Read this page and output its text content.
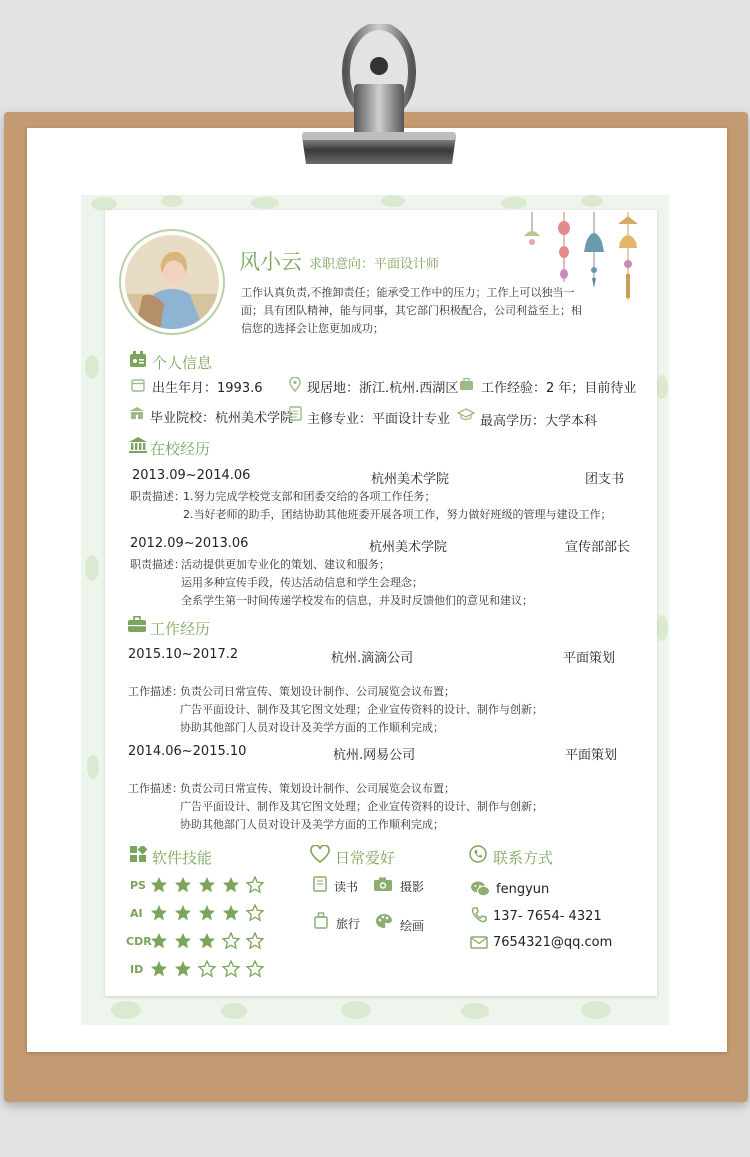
风小云 求职意向：平面设计师
工作认真负责,不推卸责任；能承受工作中的压力；工作上可以独当一
面；具有团队精神，能与同事，其它部门积极配合，公司利益至上；相
信您的选择会让您更加成功；
个人信息
出生年月：1993.6	现居地：浙江.杭州.西湖区 工作经验：2 年；目前待业
毕业院校：杭州美术学院 主修专业：平面设计专业 最高学历：大学本科
在校经历
2013.09~2014.06	杭州美术学院	团支书
职责描述：
1.努力完成学校党支部和团委交给的各项工作任务；
2.当好老师的助手，团结协助其他班委开展各项工作，努力做好班级的管理与建设工作；
2012.09~2013.06	杭州美术学院	宣传部部长
职责描述：
活动提供更加专业化的策划、建议和服务；
运用多种宣传手段，传达活动信息和学生会理念；
全系学生第一时间传递学校发布的信息，并及时反馈他们的意见和建议；
工作经历
2015.10~2017.2	杭州.滴滴公司	平面策划
工作描述：
负责公司日常宣传、策划设计制作、公司展览会议布置；
广告平面设计、制作及其它图文处理；企业宣传资料的设计、制作与创新；
协助其他部门人员对设计及美学方面的工作顺利完成；
2014.06~2015.10	杭州.网易公司	平面策划
工作描述：
负责公司日常宣传、策划设计制作、公司展览会议布置；
广告平面设计、制作及其它图文处理；企业宣传资料的设计、制作与创新；
协助其他部门人员对设计及美学方面的工作顺利完成；
软件技能
PS
AI
CDR
ID
日常爱好
读书	摄影
旅行	绘画
联系方式
fengyun
137- 7654- 4321
7654321@qq.com
